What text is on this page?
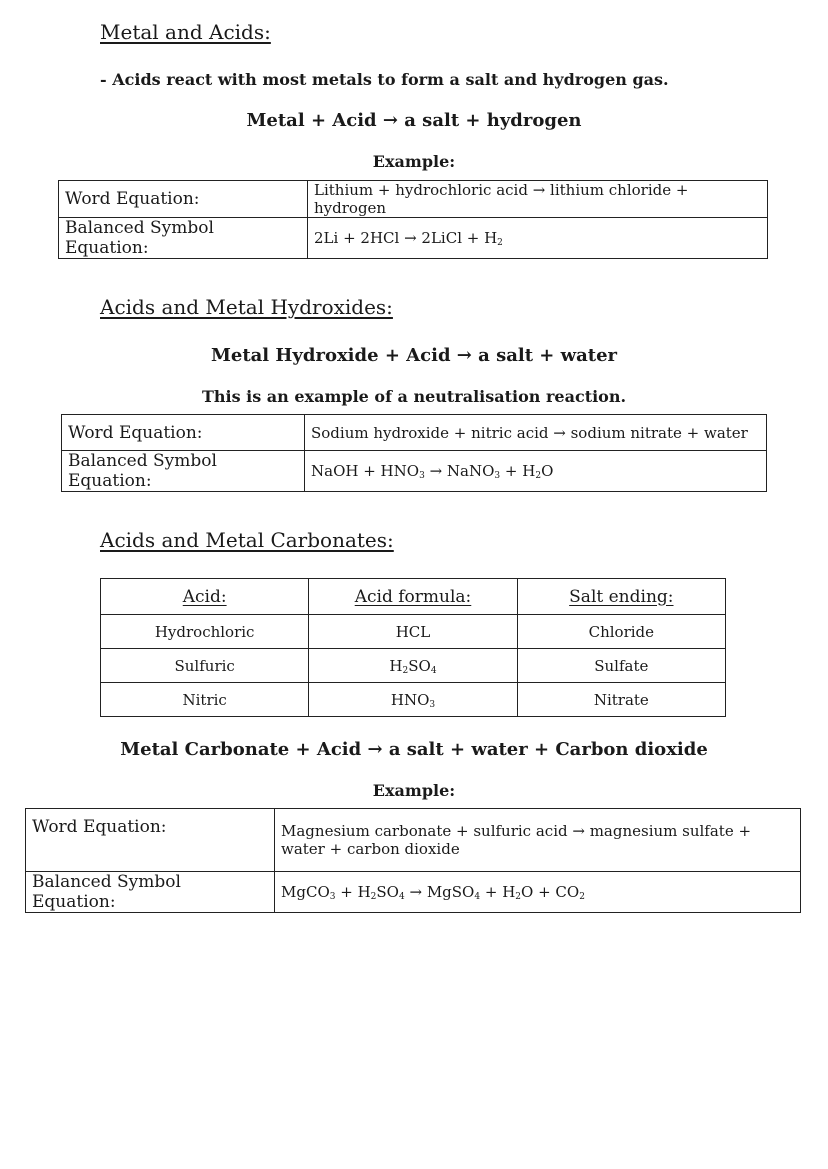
Metal and Acids:
- Acids react with most metals to form a salt and hydrogen gas.
Metal + Acid → a salt + hydrogen
Example:
Word Equation:	Lithium + hydrochloric acid → lithium chloride + hydrogen
Balanced Symbol Equation:	2Li + 2HCl → 2LiCl + $H_2$
Acids and Metal Hydroxides:
Metal Hydroxide + Acid → a salt + water
This is an example of a neutralisation reaction.
Word Equation:	Sodium hydroxide + nitric acid → sodium nitrate + water
Balanced Symbol Equation:	NaOH + $HNO_3$ → NaNO$_3$ + $H_2O$
Acids and Metal Carbonates:
Acid:	Acid formula:	Salt ending:
Hydrochloric	HCL	Chloride
Sulfuric	$H_2SO_4$	Sulfate
Nitric	$HNO_3$	Nitrate
Metal Carbonate + Acid → a salt + water + Carbon dioxide
Example:
Word Equation:	Magnesium carbonate + sulfuric acid → magnesium sulfate + water + carbon dioxide
Balanced Symbol Equation:	MgCO$_3$ + $H_2SO_4$ → MgSO$_4$ + $H_2O + CO_2$
